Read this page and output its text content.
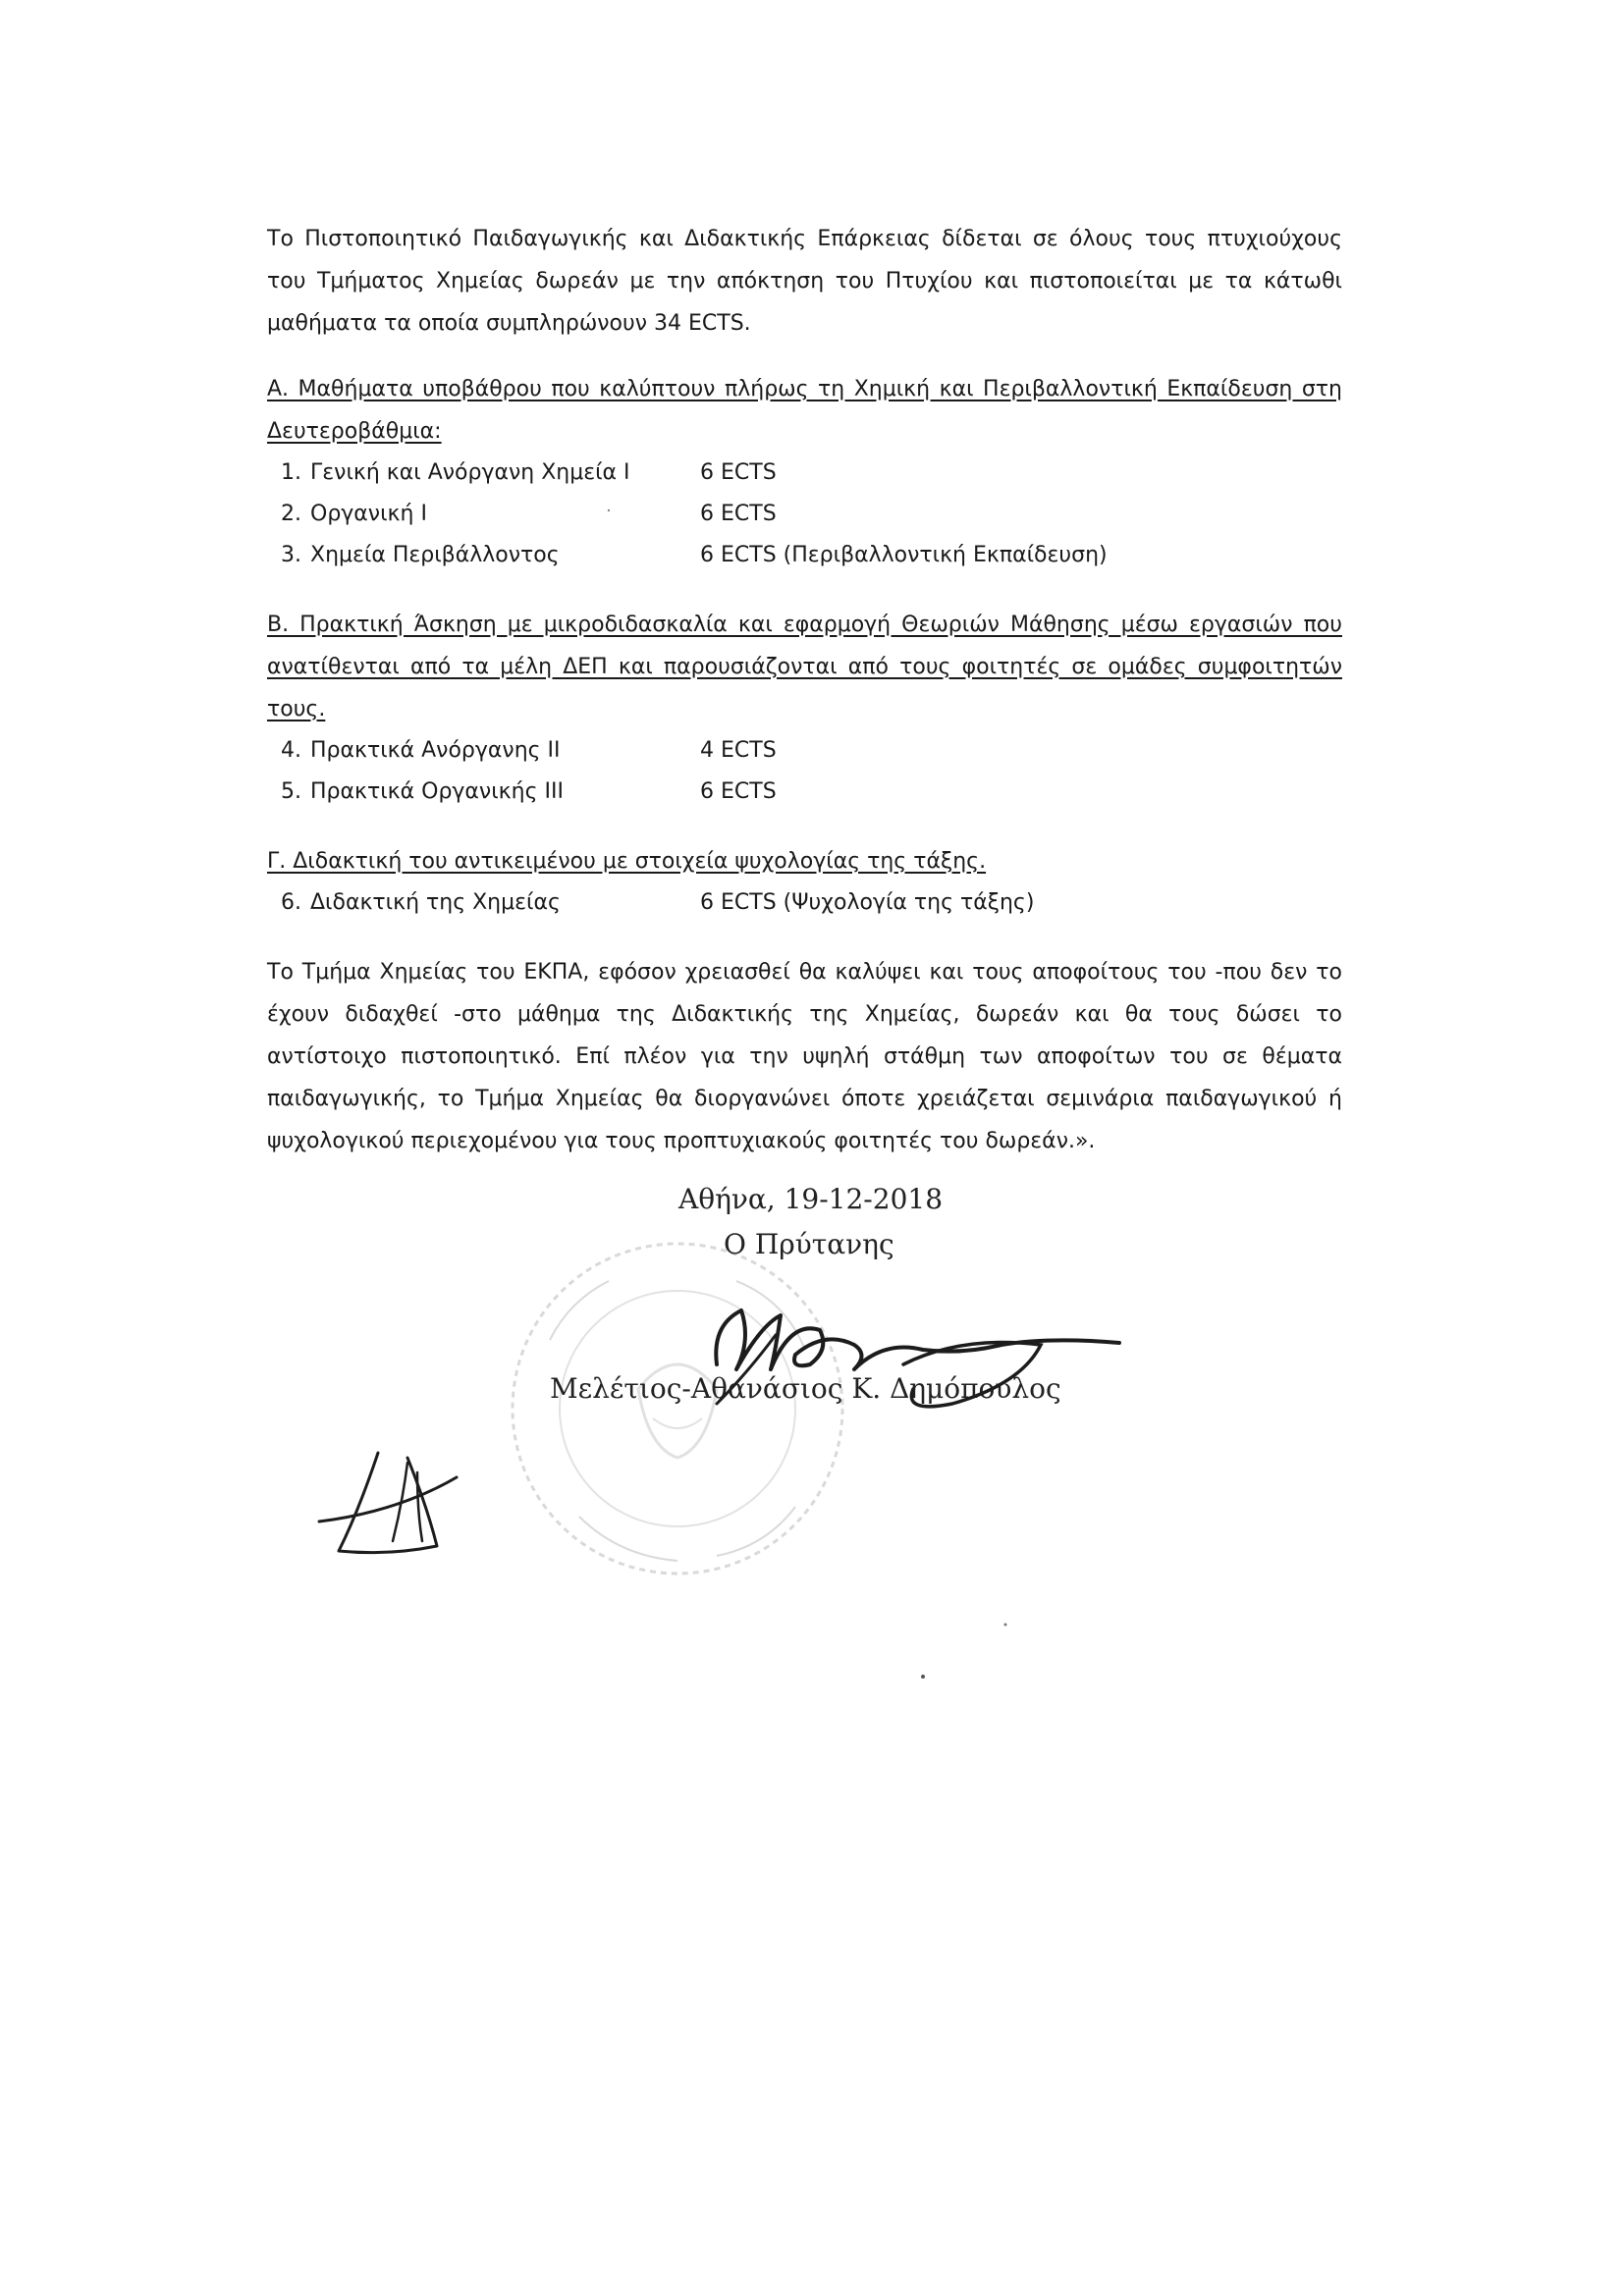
Το Πιστοποιητικό Παιδαγωγικής και Διδακτικής Επάρκειας δίδεται σε όλους τους πτυχιούχους του Τμήματος Χημείας δωρεάν με την απόκτηση του Πτυχίου και πιστοποιείται με τα κάτωθι μαθήματα τα οποία συμπληρώνουν 34 ECTS.

Α. Μαθήματα υποβάθρου που καλύπτουν πλήρως τη Χημική και Περιβαλλοντική Εκπαίδευση στη Δευτεροβάθμια:

1. Γενική και Ανόργανη Χημεία Ι	6 ECTS
2. Οργανική Ι	6 ECTS
3. Χημεία Περιβάλλοντος	6 ECTS (Περιβαλλοντική Εκπαίδευση)

Β. Πρακτική Άσκηση με μικροδιδασκαλία και εφαρμογή Θεωριών Μάθησης μέσω εργασιών που ανατίθενται από τα μέλη ΔΕΠ και παρουσιάζονται από τους φοιτητές σε ομάδες συμφοιτητών τους.

4. Πρακτικά Ανόργανης ΙΙ	4 ECTS
5. Πρακτικά Οργανικής ΙΙΙ	6 ECTS

Γ. Διδακτική του αντικειμένου με στοιχεία ψυχολογίας της τάξης.

6. Διδακτική της Χημείας	6 ECTS (Ψυχολογία της τάξης)

Το Τμήμα Χημείας του ΕΚΠΑ, εφόσον χρειασθεί θα καλύψει και τους αποφοίτους του -που δεν το έχουν διδαχθεί -στο μάθημα της Διδακτικής της Χημείας, δωρεάν και θα τους δώσει το αντίστοιχο πιστοποιητικό. Επί πλέον για την υψηλή στάθμη των αποφοίτων του σε θέματα παιδαγωγικής, το Τμήμα Χημείας θα διοργανώνει όποτε χρειάζεται σεμινάρια παιδαγωγικού ή ψυχολογικού περιεχομένου για τους προπτυχιακούς φοιτητές του δωρεάν.».

Αθήνα, 19-12-2018
Ο Πρύτανης
Μελέτιος-Αθανάσιος Κ. Δημόπουλος
